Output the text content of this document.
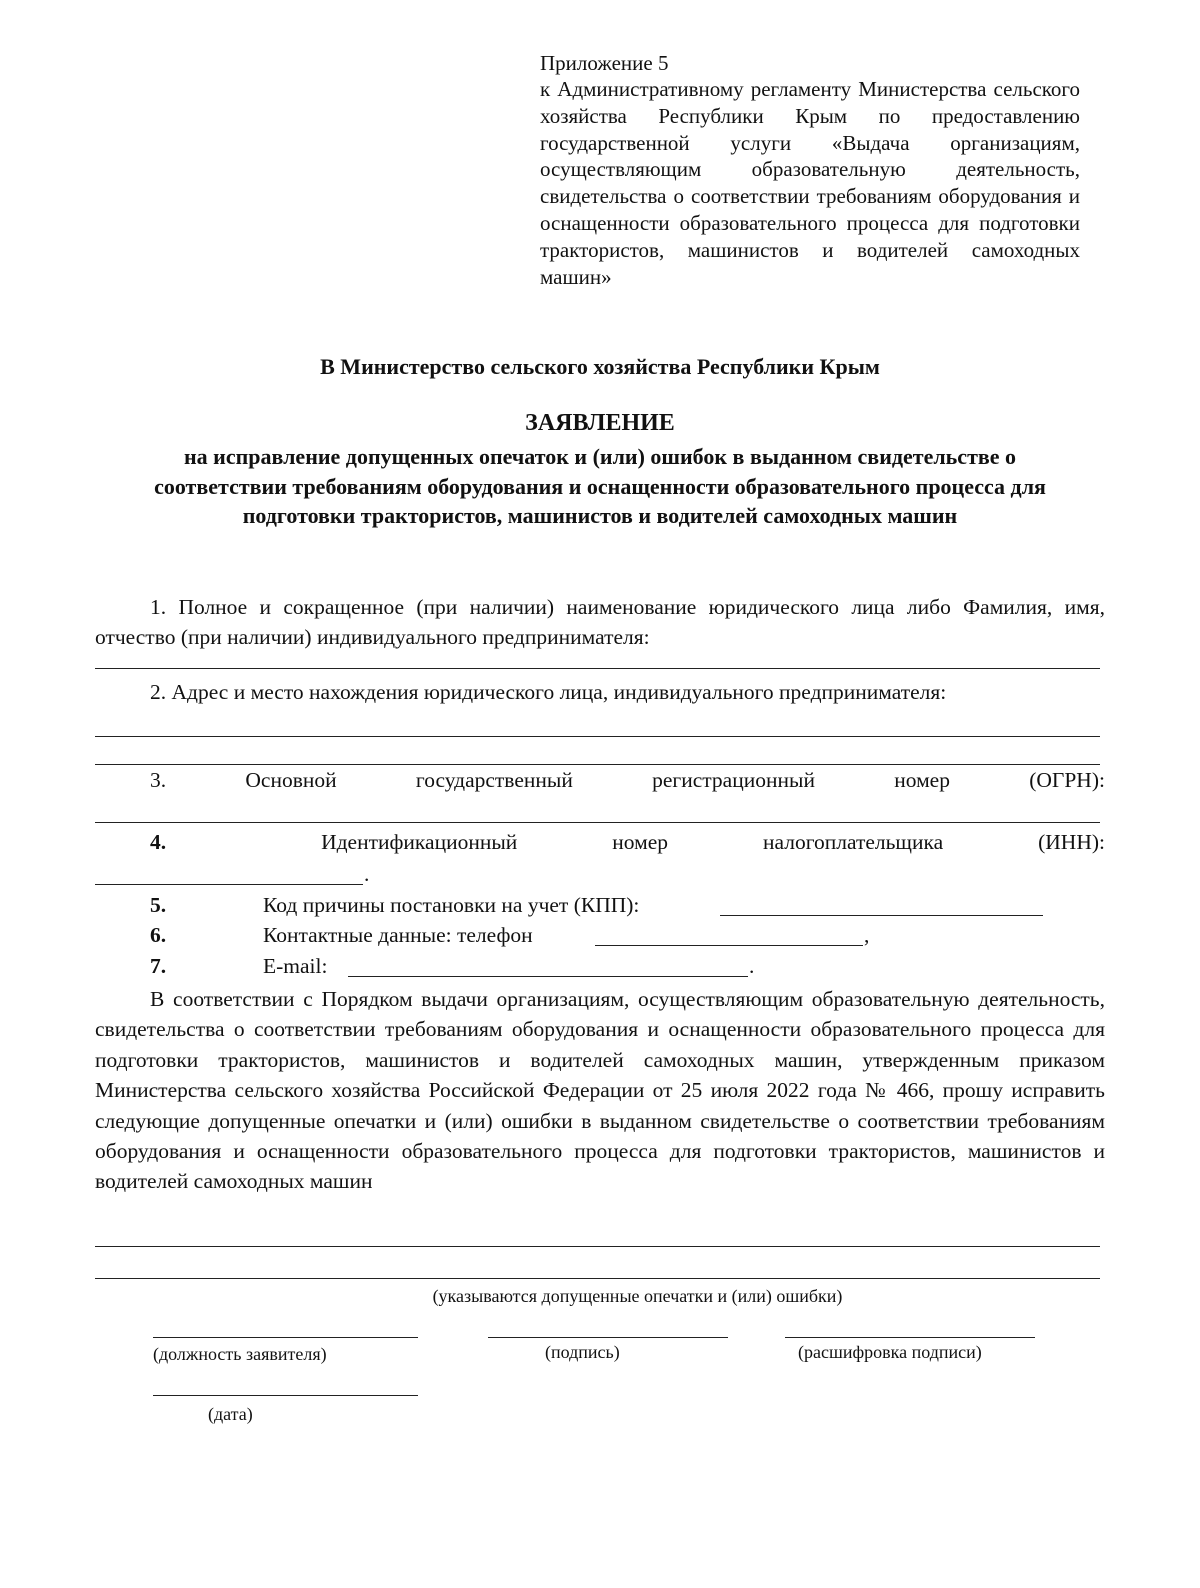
Приложение 5
к Административному регламенту Министерства сельского хозяйства Республики Крым по предоставлению государственной услуги «Выдача организациям, осуществляющим образовательную деятельность, свидетельства о соответствии требованиям оборудования и оснащенности образовательного процесса для подготовки трактористов, машинистов и водителей самоходных машин»
В Министерство сельского хозяйства Республики Крым
ЗАЯВЛЕНИЕ
на исправление допущенных опечаток и (или) ошибок в выданном свидетельстве о соответствии требованиям оборудования и оснащенности образовательного процесса для подготовки трактористов, машинистов и водителей самоходных машин
1. Полное и сокращенное (при наличии) наименование юридического лица либо Фамилия, имя, отчество (при наличии) индивидуального предпринимателя:
2. Адрес и место нахождения юридического лица, индивидуального предпринимателя:
3.	Основной	государственный	регистрационный	номер	(ОГРН):
4.	Идентификационный	номер	налогоплательщика	(ИНН):
.
5.	Код причины постановки на учет (КПП):
6.	Контактные данные: телефон	,
7.	E-mail:	.
В соответствии с Порядком выдачи организациям, осуществляющим образовательную деятельность, свидетельства о соответствии требованиям оборудования и оснащенности образовательного процесса для подготовки трактористов, машинистов и водителей самоходных машин, утвержденным приказом Министерства сельского хозяйства Российской Федерации от 25 июля 2022 года № 466, прошу исправить следующие допущенные опечатки и (или) ошибки в выданном свидетельстве о соответствии требованиям оборудования и оснащенности образовательного процесса для подготовки трактористов, машинистов и водителей самоходных машин
(указываются допущенные опечатки и (или) ошибки)
(должность заявителя)	(подпись)	(расшифровка подписи)
(дата)
